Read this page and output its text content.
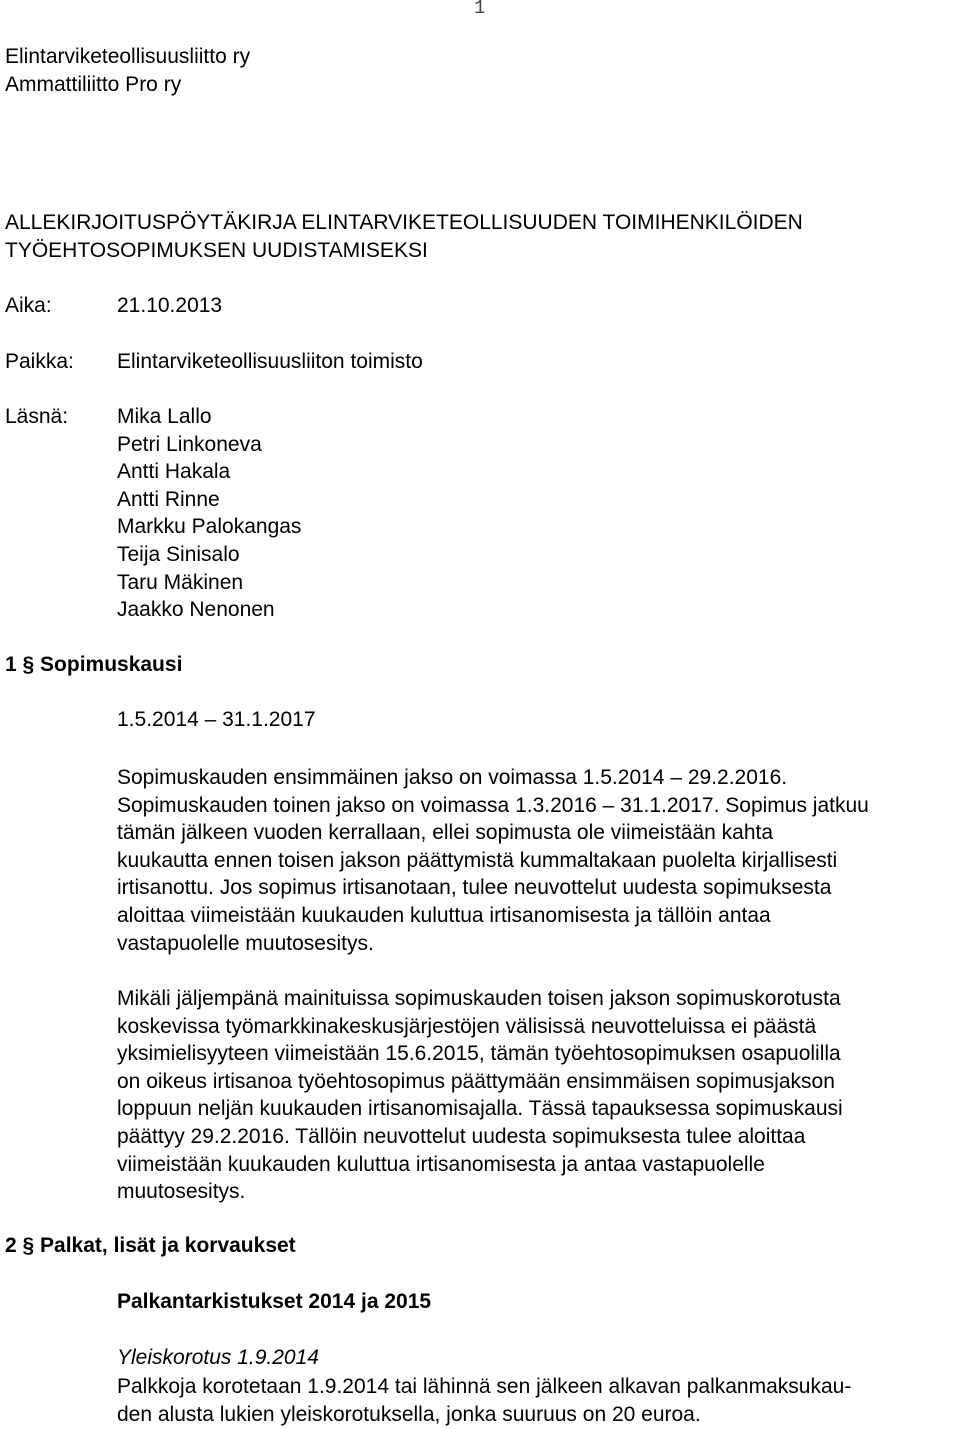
1
Elintarviketeollisuusliitto ry
Ammattiliitto Pro ry
ALLEKIRJOITUSPÖYTÄKIRJA ELINTARVIKETEOLLISUUDEN TOIMIHENKILÖIDEN
TYÖEHTOSOPIMUKSEN UUDISTAMISEKSI
Aika:	21.10.2013
Paikka: Elintarviketeollisuusliiton toimisto
Läsnä: Mika Lallo
Petri Linkoneva
Antti Hakala
Antti Rinne
Markku Palokangas
Teija Sinisalo
Taru Mäkinen
Jaakko Nenonen
1 § Sopimuskausi
1.5.2014 – 31.1.2017
Sopimuskauden ensimmäinen jakso on voimassa 1.5.2014 – 29.2.2016.
Sopimuskauden toinen jakso on voimassa 1.3.2016 – 31.1.2017. Sopimus jatkuu
tämän jälkeen vuoden kerrallaan, ellei sopimusta ole viimeistään kahta
kuukautta ennen toisen jakson päättymistä kummaltakaan puolelta kirjallisesti
irtisanottu. Jos sopimus irtisanotaan, tulee neuvottelut uudesta sopimuksesta
aloittaa viimeistään kuukauden kuluttua irtisanomisesta ja tällöin antaa
vastapuolelle muutosesitys.
Mikäli jäljempänä mainituissa sopimuskauden toisen jakson sopimuskorotusta
koskevissa työmarkkinakeskusjärjestöjen välisissä neuvotteluissa ei päästä
yksimielisyyteen viimeistään 15.6.2015, tämän työehtosopimuksen osapuolilla
on oikeus irtisanoa työehtosopimus päättymään ensimmäisen sopimusjakson
loppuun neljän kuukauden irtisanomisajalla. Tässä tapauksessa sopimuskausi
päättyy 29.2.2016. Tällöin neuvottelut uudesta sopimuksesta tulee aloittaa
viimeistään kuukauden kuluttua irtisanomisesta ja antaa vastapuolelle
muutosesitys.
2 § Palkat, lisät ja korvaukset
Palkantarkistukset 2014 ja 2015
Yleiskorotus 1.9.2014
Palkkoja korotetaan 1.9.2014 tai lähinnä sen jälkeen alkavan palkanmaksukau-
den alusta lukien yleiskorotuksella, jonka suuruus on 20 euroa.
